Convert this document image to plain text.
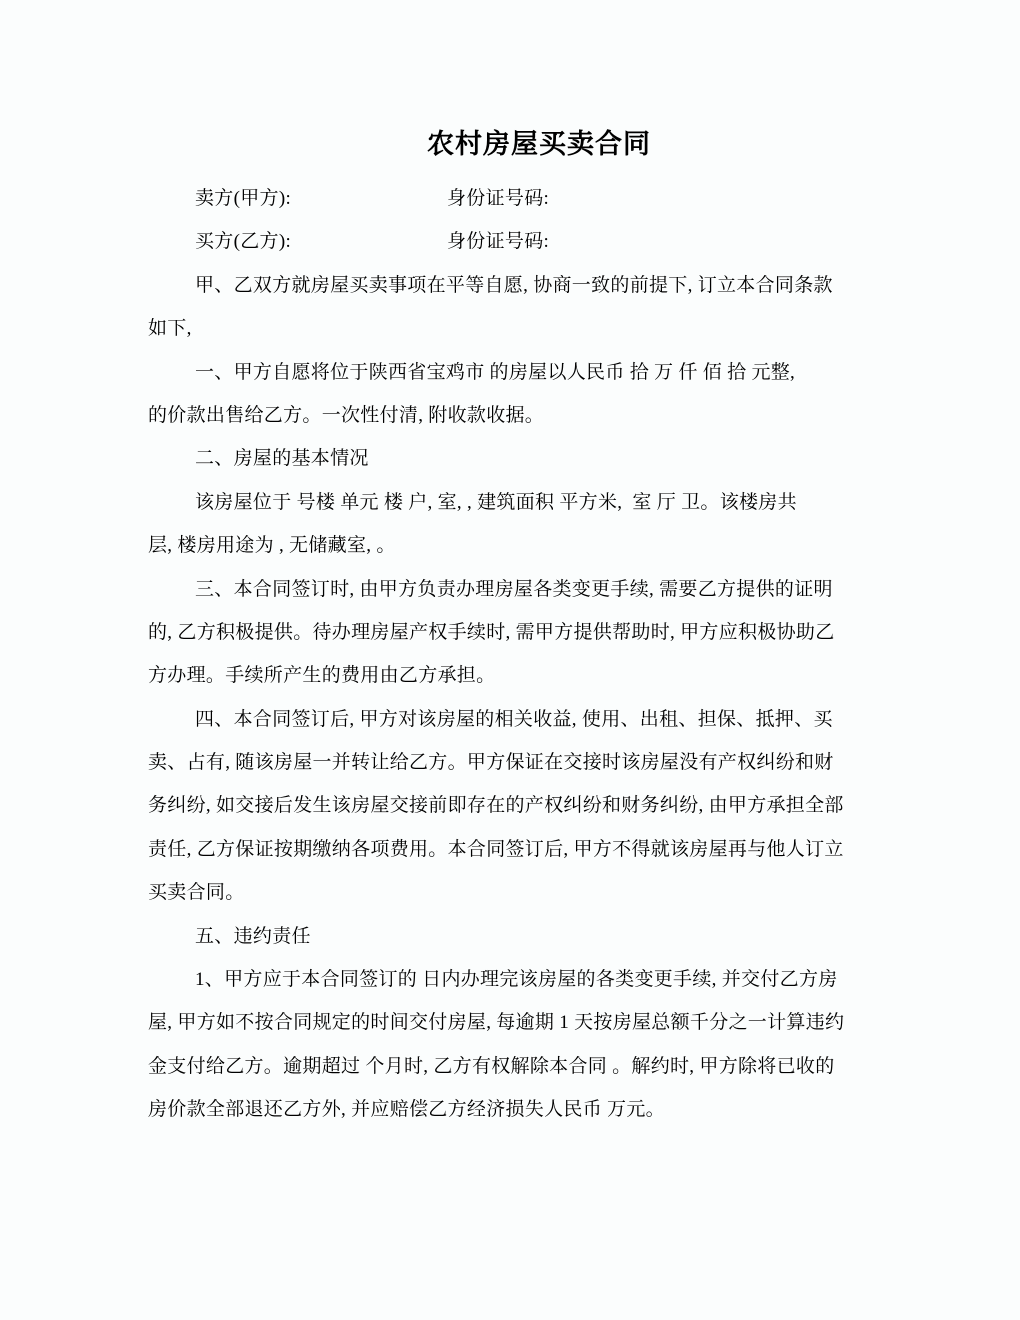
农村房屋买卖合同
卖方(甲方):	身份证号码:
买方(乙方):	身份证号码:
甲、乙双方就房屋买卖事项在平等自愿, 协商一致的前提下, 订立本合同条款
如下,
一、甲方自愿将位于陕西省宝鸡市 的房屋以人民币 拾 万 仟 佰 拾 元整,
的价款出售给乙方。一次性付清, 附收款收据。
二、房屋的基本情况
该房屋位于 号楼 单元 楼 户, 室, , 建筑面积 平方米,  室 厅 卫。该楼房共
层, 楼房用途为 , 无储藏室, 。
三、本合同签订时, 由甲方负责办理房屋各类变更手续, 需要乙方提供的证明
的, 乙方积极提供。待办理房屋产权手续时, 需甲方提供帮助时, 甲方应积极协助乙
方办理。手续所产生的费用由乙方承担。
四、本合同签订后, 甲方对该房屋的相关收益, 使用、出租、担保、抵押、买
卖、占有, 随该房屋一并转让给乙方。甲方保证在交接时该房屋没有产权纠纷和财
务纠纷, 如交接后发生该房屋交接前即存在的产权纠纷和财务纠纷, 由甲方承担全部
责任, 乙方保证按期缴纳各项费用。本合同签订后, 甲方不得就该房屋再与他人订立
买卖合同。
五、违约责任
1、甲方应于本合同签订的 日内办理完该房屋的各类变更手续, 并交付乙方房
屋, 甲方如不按合同规定的时间交付房屋, 每逾期 1 天按房屋总额千分之一计算违约
金支付给乙方。逾期超过 个月时, 乙方有权解除本合同 。解约时, 甲方除将已收的
房价款全部退还乙方外, 并应赔偿乙方经济损失人民币 万元。
